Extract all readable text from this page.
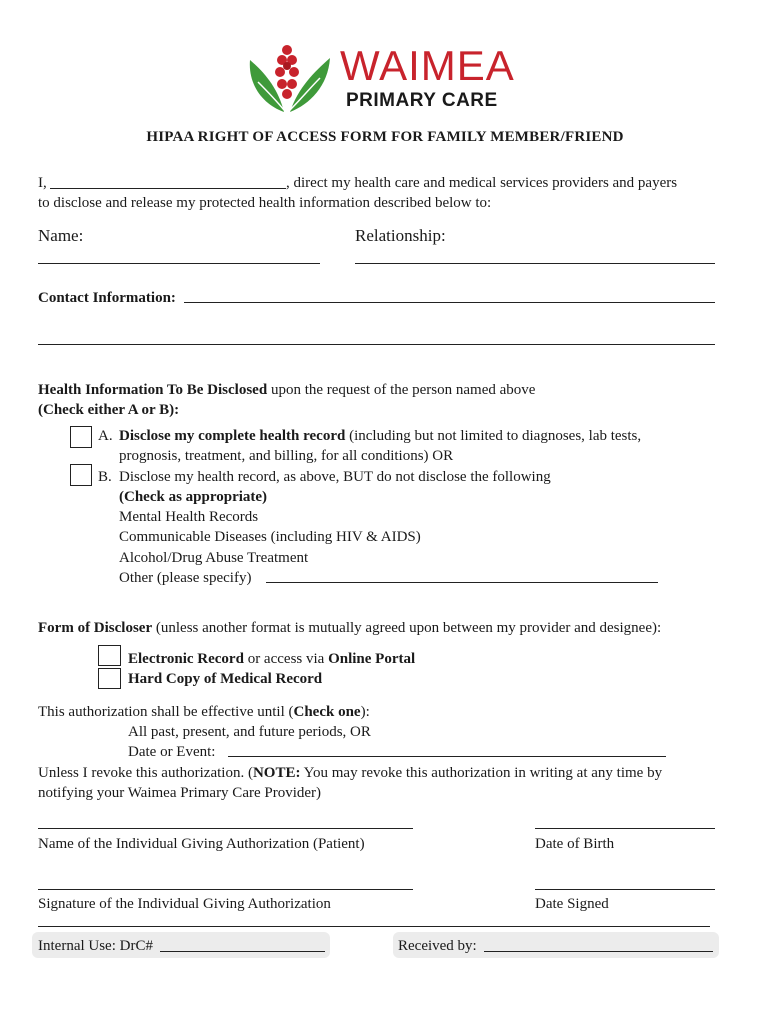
WAIMEA
PRIMARY CARE
HIPAA RIGHT OF ACCESS FORM FOR FAMILY MEMBER/FRIEND
I,	, direct my health care and medical services providers and payers
to disclose and release my protected health information described below to:
Name:	Relationship:
Contact Information:
Health Information To Be Disclosed upon the request of the person named above
(Check either A or B):
A. Disclose my complete health record (including but not limited to diagnoses, lab tests,
prognosis, treatment, and billing, for all conditions) OR
B. Disclose my health record, as above, BUT do not disclose the following
(Check as appropriate)
Mental Health Records
Communicable Diseases (including HIV & AIDS)
Alcohol/Drug Abuse Treatment
Other (please specify)
Form of Discloser (unless another format is mutually agreed upon between my provider and designee):
Electronic Record or access via Online Portal
Hard Copy of Medical Record
This authorization shall be effective until (Check one):
All past, present, and future periods, OR
Date or Event:
Unless I revoke this authorization. (NOTE: You may revoke this authorization in writing at any time by
notifying your Waimea Primary Care Provider)
Name of the Individual Giving Authorization (Patient)	Date of Birth
Signature of the Individual Giving Authorization	Date Signed
Internal Use: DrC#	Received by:
